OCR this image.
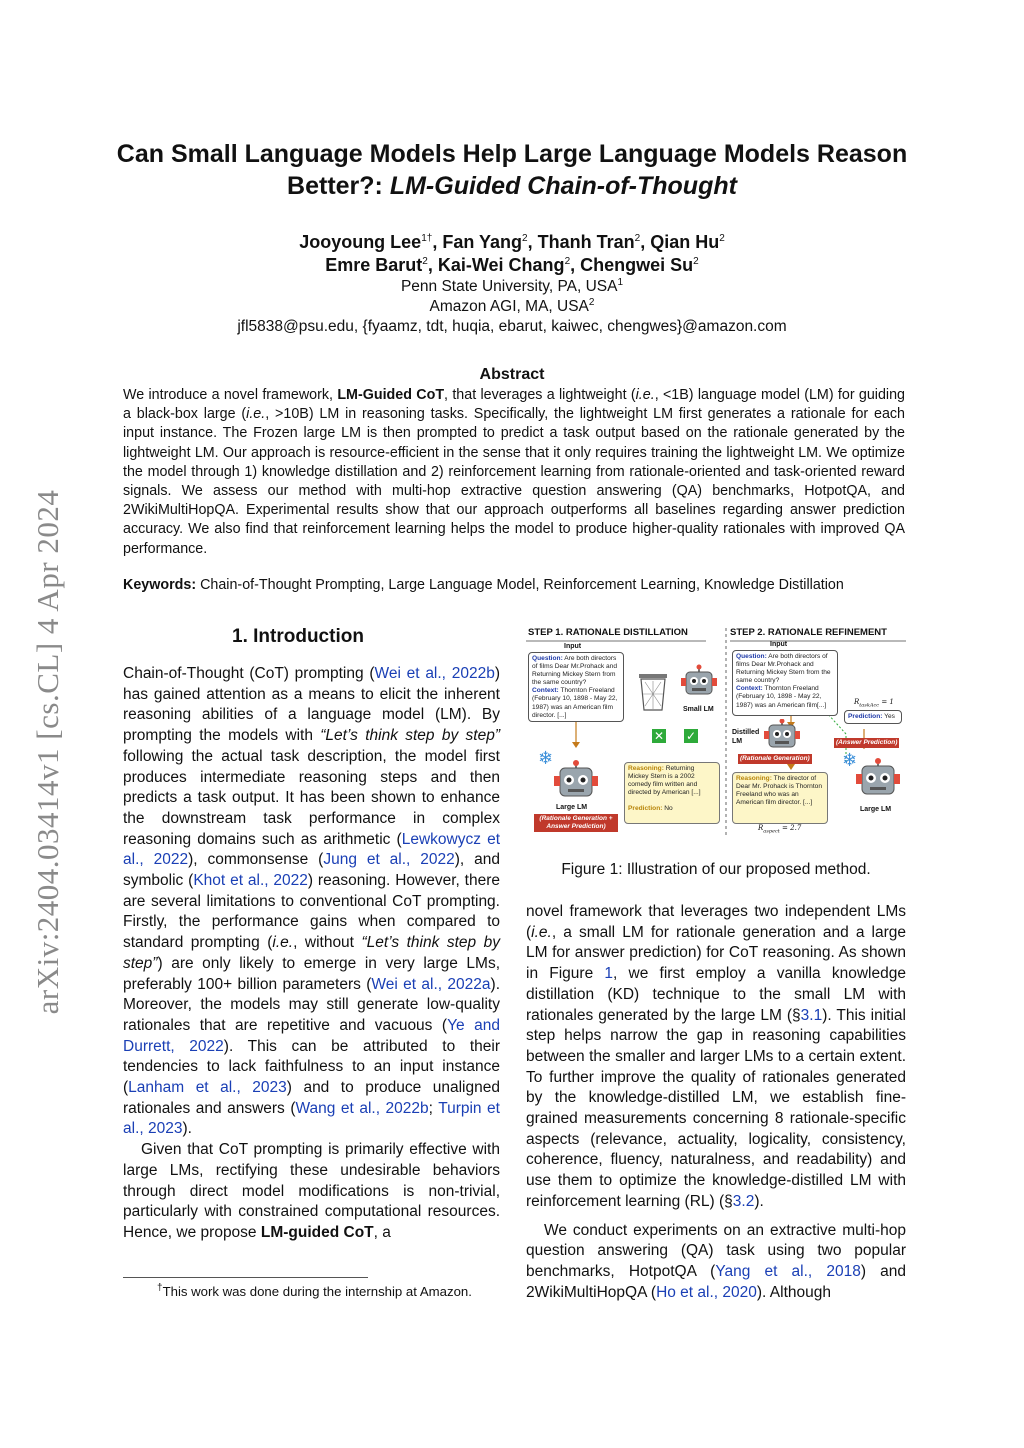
arXiv:2404.03414v1 [cs.CL] 4 Apr 2024
Can Small Language Models Help Large Language Models Reason
Better?: LM-Guided Chain-of-Thought
Jooyoung Lee$^{1\dagger}$, Fan Yang$^2$, Thanh Tran$^2$, Qian Hu$^2$
Emre Barut$^2$, Kai-Wei Chang$^2$, Chengwei Su$^2$
Penn State University, PA, USA$^1$
Amazon AGI, MA, USA$^2$
jfl5838@psu.edu, {fyaamz, tdt, huqia, ebarut, kaiwec, chengwes}@amazon.com
Abstract
We introduce a novel framework, LM-Guided CoT, that leverages a lightweight (i.e., <1B) language model (LM) for guiding a black-box large (i.e., >10B) LM in reasoning tasks. Specifically, the lightweight LM first generates a rationale for each input instance. The Frozen large LM is then prompted to predict a task output based on the rationale generated by the lightweight LM. Our approach is resource-efficient in the sense that it only requires training the lightweight LM. We optimize the model through 1) knowledge distillation and 2) reinforcement learning from rationale-oriented and task-oriented reward signals. We assess our method with multi-hop extractive question answering (QA) benchmarks, HotpotQA, and 2WikiMultiHopQA. Experimental results show that our approach outperforms all baselines regarding answer prediction accuracy. We also find that reinforcement learning helps the model to produce higher-quality rationales with improved QA performance.
Keywords: Chain-of-Thought Prompting, Large Language Model, Reinforcement Learning, Knowledge Distillation
1. Introduction

Chain-of-Thought (CoT) prompting (Wei et al., 2022b) has gained attention as a means to elicit the inherent reasoning abilities of a language model (LM). By prompting the models with “Let’s think step by step” following the actual task description, the model first produces intermediate reasoning steps and then predicts a task output. It has been shown to enhance the downstream task performance in complex reasoning domains such as arithmetic (Lewkowycz et al., 2022), commonsense (Jung et al., 2022), and symbolic (Khot et al., 2022) reasoning. However, there are several limitations to conventional CoT prompting. Firstly, the performance gains when compared to standard prompting (i.e., without “Let’s think step by step”) are only likely to emerge in very large LMs, preferably 100+ billion parameters (Wei et al., 2022a). Moreover, the models may still generate low-quality rationales that are repetitive and vacuous (Ye and Durrett, 2022). This can be attributed to their tendencies to lack faithfulness to an input instance (Lanham et al., 2023) and to produce unaligned rationales and answers (Wang et al., 2022b; Turpin et al., 2023).

Given that CoT prompting is primarily effective with large LMs, rectifying these undesirable behaviors through direct model modifications is non-trivial, particularly with constrained computational resources. Hence, we propose LM-guided CoT, a

†This work was done during the internship at Amazon.

novel framework that leverages two independent LMs (i.e., a small LM for rationale generation and a large LM for answer prediction) for CoT reasoning. As shown in Figure 1, we first employ a vanilla knowledge distillation (KD) technique to the small LM with rationales generated by the large LM (§3.1). This initial step helps narrow the gap in reasoning capabilities between the smaller and larger LMs to a certain extent. To further improve the quality of rationales generated by the knowledge-distilled LM, we establish fine-grained measurements concerning 8 rationale-specific aspects (relevance, actuality, logicality, consistency, coherence, fluency, naturalness, and readability) and use them to optimize the knowledge-distilled LM with reinforcement learning (RL) (§3.2).

We conduct experiments on an extractive multi-hop question answering (QA) task using two popular benchmarks, HotpotQA (Yang et al., 2018) and 2WikiMultiHopQA (Ho et al., 2020). Although

STEP 1. RATIONALE DISTILLATION	STEP 2. RATIONALE REFINEMENT
Input	Input
Question: Are both directors of films Dear Mr.Prohack and Returning Mickey Stern from the same country?
Context: Thornton Freeland (February 10, 1898 - May 22, 1987) was an American film director. [...]
Question: Are both directors of films Dear Mr.Prohack and Returning Mickey Stern from the same country?
Context: Thornton Freeland (February 10, 1898 - May 22, 1987) was an American film[...]
Small LM
✕ ✓
❄
Large LM
(Rationale Generation + Answer Prediction)
Reasoning: Returning Mickey Stern is a 2002 comedy film written and directed by American [...]

Prediction: No
Distilled LM
(Rationale Generation)
Reasoning: The director of Dear Mr. Prohack is Thornton Freeland who was an American film director. [...]
$R_{taskAcc} = 1$
Prediction: Yes
(Answer Prediction)
$R_{aspect} = 2.7$
❄
Large LM
Figure 1: Illustration of our proposed method.
